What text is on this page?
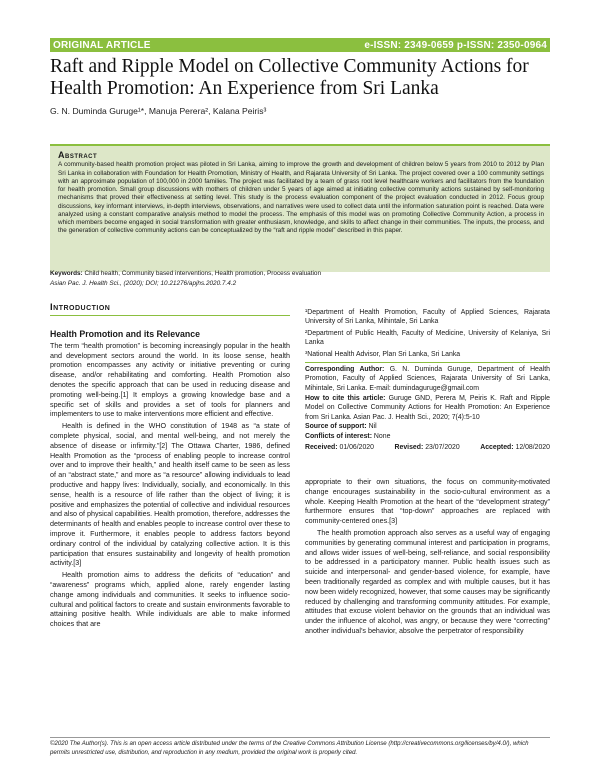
ORIGINAL ARTICLE	e-ISSN: 2349-0659 p-ISSN: 2350-0964
Raft and Ripple Model on Collective Community Actions for Health Promotion: An Experience from Sri Lanka
G. N. Duminda Guruge¹*, Manuja Perera², Kalana Peiris³
Abstract

A community-based health promotion project was piloted in Sri Lanka, aiming to improve the growth and development of children below 5 years from 2010 to 2012 by Plan Sri Lanka in collaboration with Foundation for Health Promotion, Ministry of Health, and Rajarata University of Sri Lanka. The project covered over a 100 community settings with an approximate population of 100,000 in 2000 families. The project was facilitated by a team of grass root level healthcare workers and facilitators from the foundation for health promotion. Small group discussions with mothers of children under 5 years of age aimed at initiating collective community actions sustained by self-monitoring mechanisms that proved their effectiveness at setting level. This study is the process evaluation component of the project evaluation conducted in 2012. Focus group discussions, key informant interviews, in-depth interviews, observations, and narratives were used to collect data until the information saturation point is reached. Data were analyzed using a constant comparative analysis method to model the process. The emphasis of this model was on promoting Collective Community Action, a process in which members become engaged in social transformation with greater enthusiasm, knowledge, and skills to affect change in their communities. The inputs, the process, and the generation of collective community actions can be conceptualized by the “raft and ripple model” described in this paper.

Keywords: Child health, Community based interventions, Health promotion, Process evaluation
Asian Pac. J. Health Sci., (2020); DOI; 10.21276/apjhs.2020.7.4.2
Introduction
Health Promotion and its Relevance

The term “health promotion” is becoming increasingly popular in the health and development sectors around the world. In its loose sense, health promotion encompasses any activity or initiative preventing or curing disease, and/or rehabilitating and comforting. Health Promotion also denotes the specific approach that can be used in reducing disease and promoting well-being.[1] It employs a growing knowledge base and a specific set of skills and provides a set of tools for planners and implementers to use to make interventions more efficient and effective.

Health is defined in the WHO constitution of 1948 as “a state of complete physical, social, and mental well-being, and not merely the absence of disease or infirmity.”[2] The Ottawa Charter, 1986, defined Health Promotion as the “process of enabling people to increase control over and to improve their health,” and health itself came to be seen as less of an “abstract state,” and more as “a resource” allowing individuals to lead productive and happy lives: Individually, socially, and economically. In this sense, health is a resource of life rather than the object of living; it is positive and emphasizes the potential of collective and individual resources and also of physical capabilities. Health promotion, therefore, addresses the determinants of health and enables people to increase control over these to improve it. Furthermore, it enables people to address factors beyond ordinary control of the individual by catalyzing collective action. It is this participation that ensures sustainability and longevity of health promotion activity.[3]

Health promotion aims to address the deficits of “education” and “awareness” programs which, applied alone, rarely engender lasting change among individuals and communities. It seeks to influence socio-cultural and political factors to create and sustain environments favorable to attaining positive health. While individuals are able to make informed choices that are

¹Department of Health Promotion, Faculty of Applied Sciences, Rajarata University of Sri Lanka, Mihintale, Sri Lanka

²Department of Public Health, Faculty of Medicine, University of Kelaniya, Sri Lanka

³National Health Advisor, Plan Sri Lanka, Sri Lanka

Corresponding Author: G. N. Duminda Guruge, Department of Health Promotion, Faculty of Applied Sciences, Rajarata University of Sri Lanka, Mihintale, Sri Lanka. E-mail: dumindaguruge@gmail.com

How to cite this article: Guruge GND, Perera M, Peiris K. Raft and Ripple Model on Collective Community Actions for Health Promotion: An Experience from Sri Lanka. Asian Pac. J. Health Sci., 2020; 7(4):5-10

Source of support: Nil

Conflicts of interest: None

Received: 01/06/2020	Revised: 23/07/2020	Accepted: 12/08/2020

appropriate to their own situations, the focus on community-motivated change encourages sustainability in the socio-cultural environment as a whole. Keeping Health Promotion at the heart of the “development strategy” furthermore ensures that “top-down” approaches are replaced with community-centered ones.[3]

The health promotion approach also serves as a useful way of engaging communities by generating communal interest and participation in programs, and allows wider issues of well-being, self-reliance, and social responsibility to be addressed in a participatory manner. Public health issues such as suicide and interpersonal- and gender-based violence, for example, have been traditionally regarded as complex and with multiple causes, but it has now been widely recognized, however, that some causes may be significantly reduced by challenging and transforming community attitudes. For example, attitudes that excuse violent behavior on the grounds that an individual was under the influence of alcohol, was angry, or because they were “correcting” another individual’s behavior, absolve the perpetrator of responsibility

©2020 The Author(s). This is an open access article distributed under the terms of the Creative Commons Attribution License (http://creativecommons.org/licenses/by/4.0/), which permits unrestricted use, distribution, and reproduction in any medium, provided the original work is properly cited.
